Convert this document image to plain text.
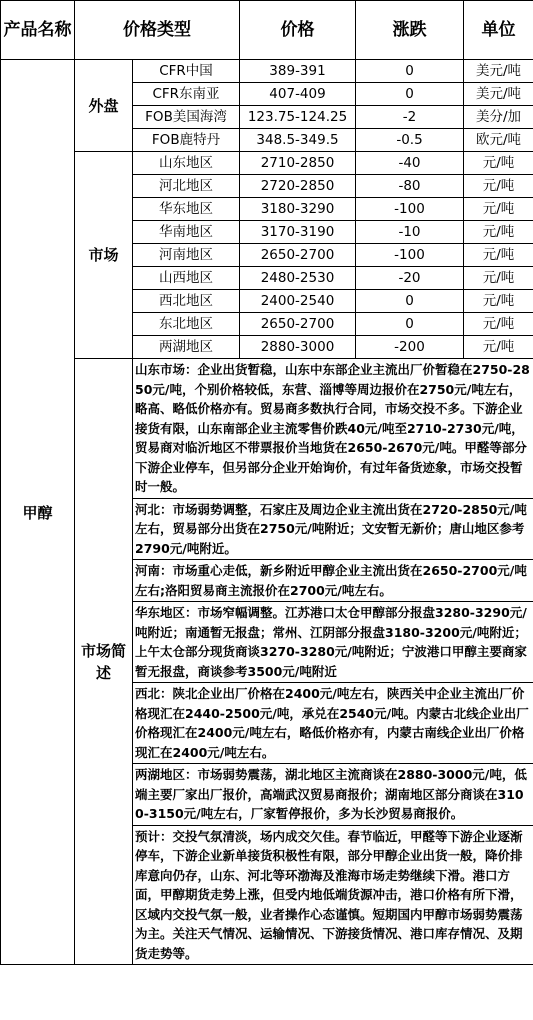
产品名称	价格类型		价格	涨跌	单位
甲醇	外盘	CFR中国	389-391	0	美元/吨
		CFR东南亚	407-409	0	美元/吨
		FOB美国海湾	123.75-124.25	-2	美分/加
		FOB鹿特丹	348.5-349.5	-0.5	欧元/吨
	市场	山东地区	2710-2850	-40	元/吨
		河北地区	2720-2850	-80	元/吨
		华东地区	3180-3290	-100	元/吨
		华南地区	3170-3190	-10	元/吨
		河南地区	2650-2700	-100	元/吨
		山西地区	2480-2530	-20	元/吨
		西北地区	2400-2540	0	元/吨
		东北地区	2650-2700	0	元/吨
		两湖地区	2880-3000	-200	元/吨
	市场简述	山东市场：企业出货暂稳，山东中东部企业主流出厂价暂稳在2750-2850元/吨，个别价格较低，东营、淄博等周边报价在2750元/吨左右，略高、略低价格亦有。贸易商多数执行合同，市场交投不多。下游企业接货有限，山东南部企业主流零售价跌40元/吨至2710-2730元/吨，贸易商对临沂地区不带票报价当地货在2650-2670元/吨。甲醛等部分下游企业停车，但另部分企业开始询价，有过年备货迹象，市场交投暂时一般。			
		河北：市场弱势调整，石家庄及周边企业主流出货在2720-2850元/吨左右，贸易部分出货在2750元/吨附近；文安暂无新价；唐山地区参考2790元/吨附近。			
		河南：市场重心走低，新乡附近甲醇企业主流出货在2650-2700元/吨左右;洛阳贸易商主流报价在2700元/吨左右。			
		华东地区：市场窄幅调整。江苏港口太仓甲醇部分报盘3280-3290元/吨附近；南通暂无报盘；常州、江阴部分报盘3180-3200元/吨附近；上午太仓部分现货商谈3270-3280元/吨附近；宁波港口甲醇主要商家暂无报盘，商谈参考3500元/吨附近			
		西北：陕北企业出厂价格在2400元/吨左右，陕西关中企业主流出厂价格现汇在2440-2500元/吨，承兑在2540元/吨。内蒙古北线企业出厂价格现汇在2400元/吨左右，略低价格亦有，内蒙古南线企业出厂价格现汇在2400元/吨左右。			
		两湖地区：市场弱势震荡，湖北地区主流商谈在2880-3000元/吨，低端主要厂家出厂报价，高端武汉贸易商报价；湖南地区部分商谈在3100-3150元/吨左右，厂家暂停报价，多为长沙贸易商报价。			
		预计：交投气氛清淡，场内成交欠佳。春节临近，甲醛等下游企业逐渐停车，下游企业新单接货积极性有限，部分甲醇企业出货一般，降价排库意向仍存，山东、河北等环渤海及淮海市场走势继续下滑。港口方面，甲醇期货走势上涨，但受内地低端货源冲击，港口价格有所下滑，区域内交投气氛一般，业者操作心态谨慎。短期国内甲醇市场弱势震荡为主。关注天气情况、运输情况、下游接货情况、港口库存情况、及期货走势等。			
